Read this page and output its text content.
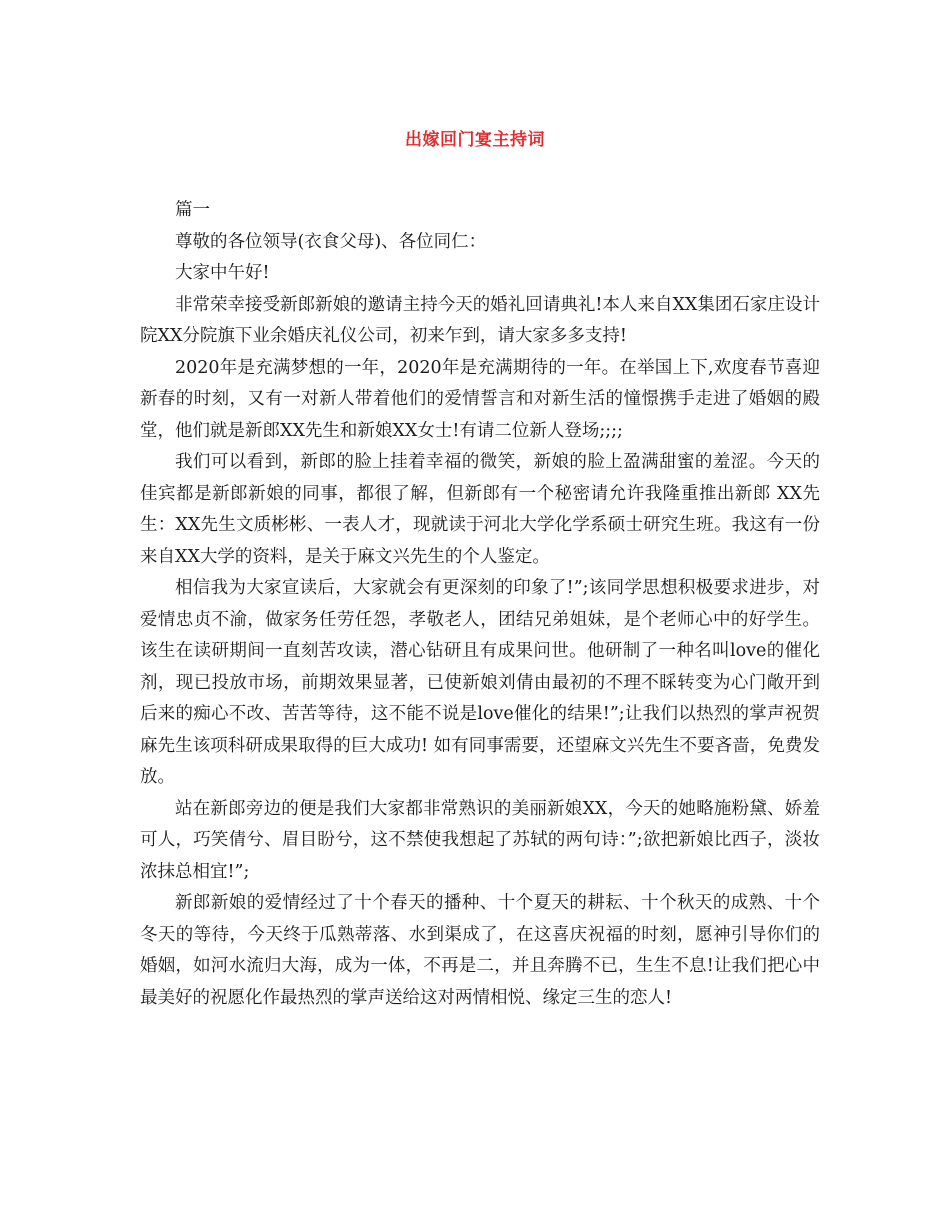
出嫁回门宴主持词

篇一

尊敬的各位领导(衣食父母)、各位同仁：

大家中午好!

非常荣幸接受新郎新娘的邀请主持今天的婚礼回请典礼!本人来自XX集团石家庄设计院XX分院旗下业余婚庆礼仪公司，初来乍到，请大家多多支持!

2020年是充满梦想的一年，2020年是充满期待的一年。在举国上下,欢度春节喜迎新春的时刻，又有一对新人带着他们的爱情誓言和对新生活的憧憬携手走进了婚姻的殿堂，他们就是新郎XX先生和新娘XX女士!有请二位新人登场;;;;

我们可以看到，新郎的脸上挂着幸福的微笑，新娘的脸上盈满甜蜜的羞涩。今天的佳宾都是新郎新娘的同事，都很了解，但新郎有一个秘密请允许我隆重推出新郎 XX先生：XX先生文质彬彬、一表人才，现就读于河北大学化学系硕士研究生班。我这有一份来自XX大学的资料，是关于麻文兴先生的个人鉴定。

相信我为大家宣读后，大家就会有更深刻的印象了!”;该同学思想积极要求进步，对爱情忠贞不渝，做家务任劳任怨，孝敬老人，团结兄弟姐妹，是个老师心中的好学生。该生在读研期间一直刻苦攻读，潜心钻研且有成果问世。他研制了一种名叫love的催化剂，现已投放市场，前期效果显著，已使新娘刘倩由最初的不理不睬转变为心门敞开到后来的痴心不改、苦苦等待，这不能不说是love催化的结果!”;让我们以热烈的掌声祝贺麻先生该项科研成果取得的巨大成功! 如有同事需要，还望麻文兴先生不要吝啬，免费发放。

站在新郎旁边的便是我们大家都非常熟识的美丽新娘XX，今天的她略施粉黛、娇羞可人，巧笑倩兮、眉目盼兮，这不禁使我想起了苏轼的两句诗：”;欲把新娘比西子，淡妆浓抹总相宜!”;

新郎新娘的爱情经过了十个春天的播种、十个夏天的耕耘、十个秋天的成熟、十个冬天的等待，今天终于瓜熟蒂落、水到渠成了，在这喜庆祝福的时刻，愿神引导你们的婚姻，如河水流归大海，成为一体，不再是二，并且奔腾不已，生生不息!让我们把心中最美好的祝愿化作最热烈的掌声送给这对两情相悦、缘定三生的恋人!
